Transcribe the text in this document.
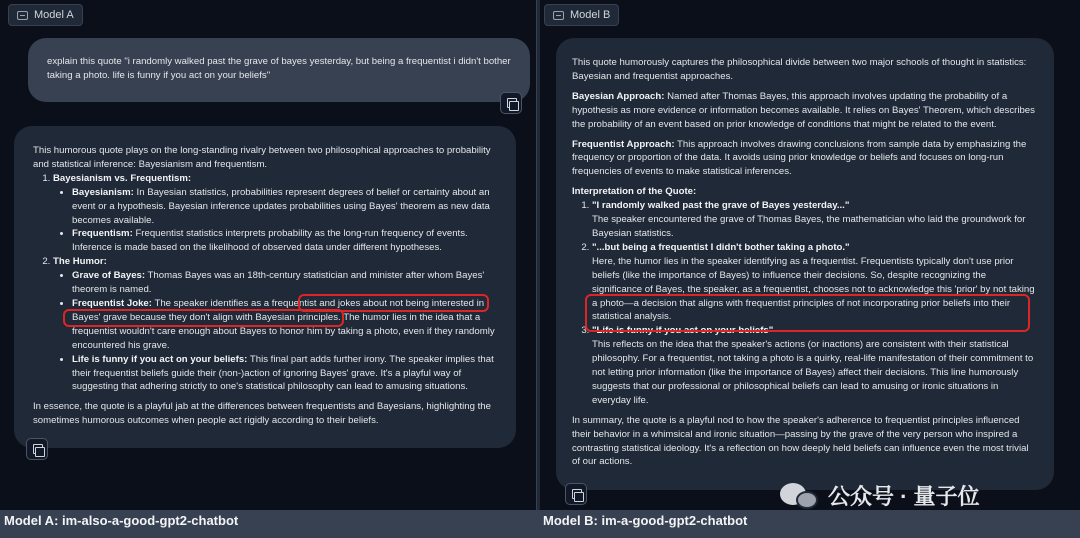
Model A

explain this quote "i randomly walked past the grave of bayes yesterday, but being a frequentist i didn't bother taking a photo. life is funny if you act on your beliefs"

This humorous quote plays on the long-standing rivalry between two philosophical approaches to probability and statistical inference: Bayesianism and frequentism.

1. Bayesianism vs. Frequentism:
• Bayesianism: In Bayesian statistics, probabilities represent degrees of belief or certainty about an event or a hypothesis. Bayesian inference updates probabilities using Bayes' theorem as new data becomes available.
• Frequentism: Frequentist statistics interprets probability as the long-run frequency of events. Inference is made based on the likelihood of observed data under different hypotheses.
2. The Humor:
• Grave of Bayes: Thomas Bayes was an 18th-century statistician and minister after whom Bayes' theorem is named.
• Frequentist Joke: The speaker identifies as a frequentist and jokes about not being interested in Bayes' grave because they don't align with Bayesian principles. The humor lies in the idea that a frequentist wouldn't care enough about Bayes to honor him by taking a photo, even if they randomly encountered his grave.
• Life is funny if you act on your beliefs: This final part adds further irony. The speaker implies that their frequentist beliefs guide their (non-)action of ignoring Bayes' grave. It's a playful way of suggesting that adhering strictly to one's statistical philosophy can lead to amusing situations.

In essence, the quote is a playful jab at the differences between frequentists and Bayesians, highlighting the sometimes humorous outcomes when people act rigidly according to their beliefs.

Model B

This quote humorously captures the philosophical divide between two major schools of thought in statistics: Bayesian and frequentist approaches.

Bayesian Approach: Named after Thomas Bayes, this approach involves updating the probability of a hypothesis as more evidence or information becomes available. It relies on Bayes' Theorem, which describes the probability of an event based on prior knowledge of conditions that might be related to the event.

Frequentist Approach: This approach involves drawing conclusions from sample data by emphasizing the frequency or proportion of the data. It avoids using prior knowledge or beliefs and focuses on long-run frequencies of events to make statistical inferences.

Interpretation of the Quote:

1. "I randomly walked past the grave of Bayes yesterday..."
The speaker encountered the grave of Thomas Bayes, the mathematician who laid the groundwork for Bayesian statistics.
2. "...but being a frequentist I didn't bother taking a photo."
Here, the humor lies in the speaker identifying as a frequentist. Frequentists typically don't use prior beliefs (like the importance of Bayes) to influence their decisions. So, despite recognizing the significance of Bayes, the speaker, as a frequentist, chooses not to acknowledge this 'prior' by not taking a photo—a decision that aligns with frequentist principles of not incorporating prior beliefs into their statistical analysis.
3. "Life is funny if you act on your beliefs"
This reflects on the idea that the speaker's actions (or inactions) are consistent with their statistical philosophy. For a frequentist, not taking a photo is a quirky, real-life manifestation of their commitment to not letting prior information (like the importance of Bayes) affect their decisions. This line humorously suggests that our professional or philosophical beliefs can lead to amusing or ironic situations in everyday life.

In summary, the quote is a playful nod to how the speaker's adherence to frequentist principles influenced their behavior in a whimsical and ironic situation—passing by the grave of the very person who inspired a contrasting statistical ideology. It's a reflection on how deeply held beliefs can influence even the most trivial of our actions.

Model A: im-also-a-good-gpt2-chatbot	Model B: im-a-good-gpt2-chatbot
公众号 · 量子位
